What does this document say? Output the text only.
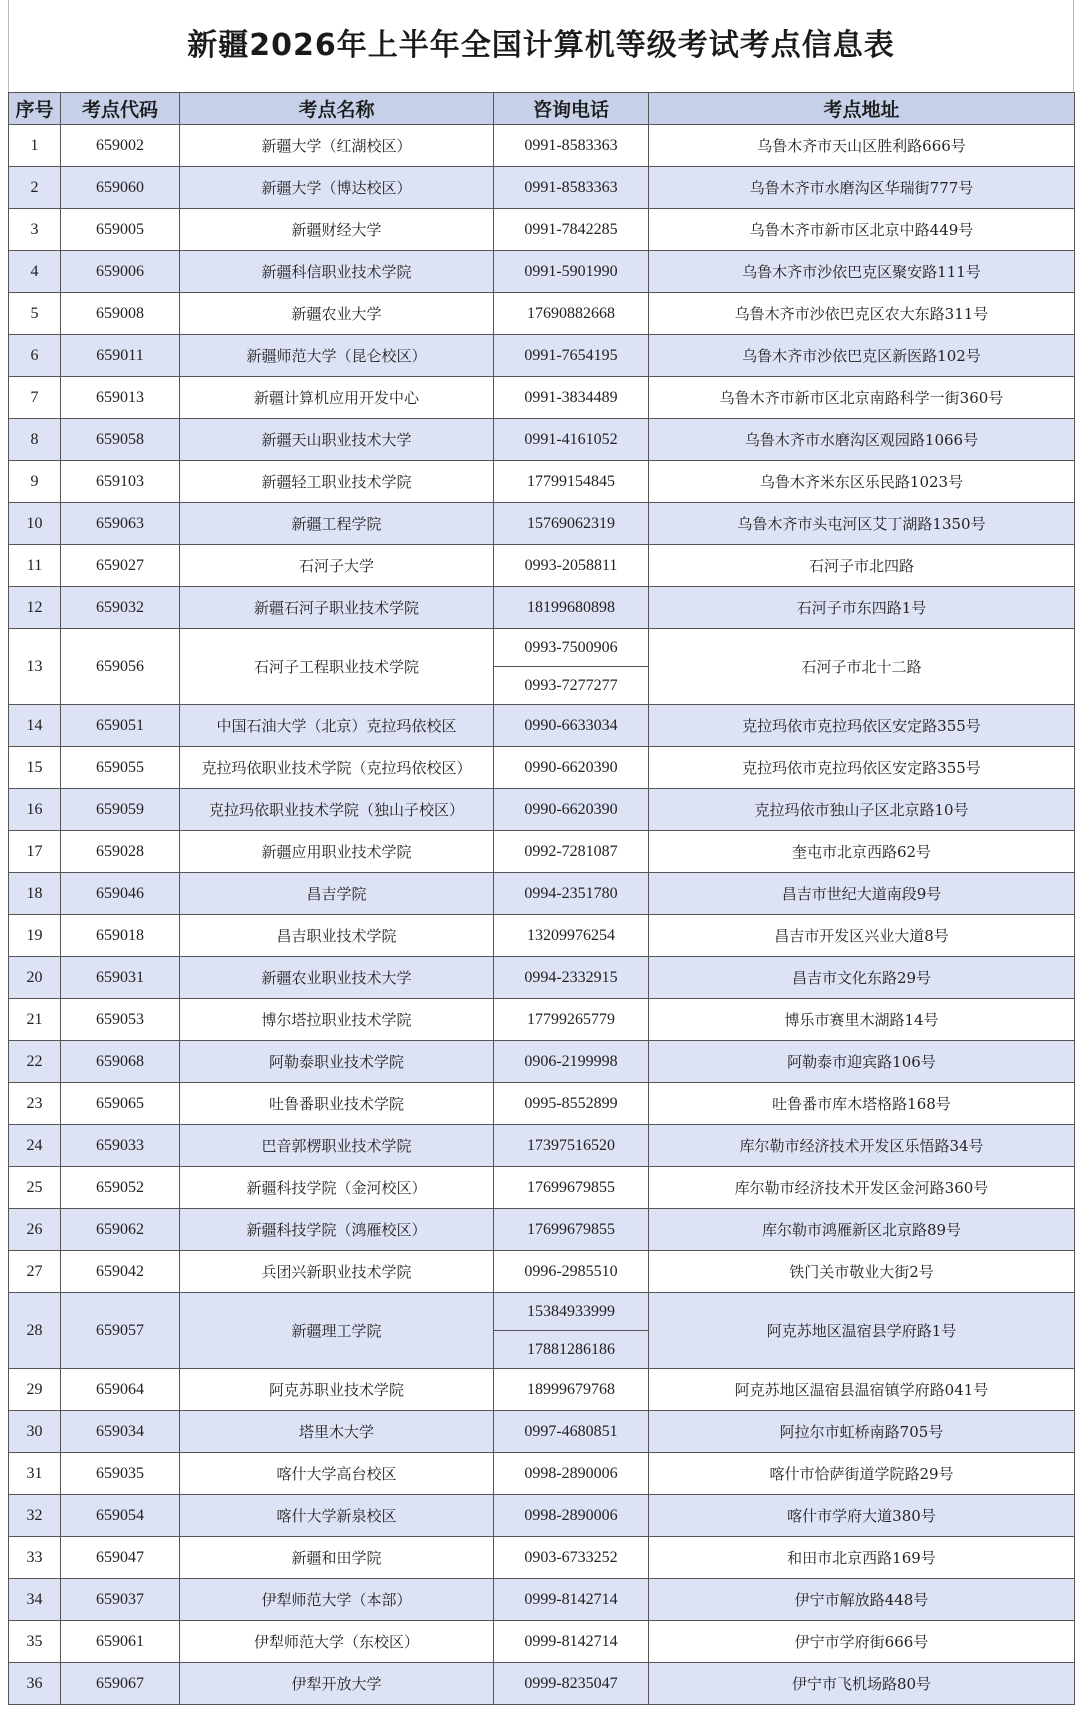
新疆2026年上半年全国计算机等级考试考点信息表
序号	考点代码	考点名称	咨询电话	考点地址
1	659002	新疆大学（红湖校区）	0991-8583363	乌鲁木齐市天山区胜利路666号
2	659060	新疆大学（博达校区）	0991-8583363	乌鲁木齐市水磨沟区华瑞街777号
3	659005	新疆财经大学	0991-7842285	乌鲁木齐市新市区北京中路449号
4	659006	新疆科信职业技术学院	0991-5901990	乌鲁木齐市沙依巴克区聚安路111号
5	659008	新疆农业大学	17690882668	乌鲁木齐市沙依巴克区农大东路311号
6	659011	新疆师范大学（昆仑校区）	0991-7654195	乌鲁木齐市沙依巴克区新医路102号
7	659013	新疆计算机应用开发中心	0991-3834489	乌鲁木齐市新市区北京南路科学一街360号
8	659058	新疆天山职业技术大学	0991-4161052	乌鲁木齐市水磨沟区观园路1066号
9	659103	新疆轻工职业技术学院	17799154845	乌鲁木齐米东区乐民路1023号
10	659063	新疆工程学院	15769062319	乌鲁木齐市头屯河区艾丁湖路1350号
11	659027	石河子大学	0993-2058811	石河子市北四路
12	659032	新疆石河子职业技术学院	18199680898	石河子市东四路1号
13	659056	石河子工程职业技术学院	0993-7500906	石河子市北十二路
			0993-7277277	
14	659051	中国石油大学（北京）克拉玛依校区	0990-6633034	克拉玛依市克拉玛依区安定路355号
15	659055	克拉玛依职业技术学院（克拉玛依校区）	0990-6620390	克拉玛依市克拉玛依区安定路355号
16	659059	克拉玛依职业技术学院（独山子校区）	0990-6620390	克拉玛依市独山子区北京路10号
17	659028	新疆应用职业技术学院	0992-7281087	奎屯市北京西路62号
18	659046	昌吉学院	0994-2351780	昌吉市世纪大道南段9号
19	659018	昌吉职业技术学院	13209976254	昌吉市开发区兴业大道8号
20	659031	新疆农业职业技术大学	0994-2332915	昌吉市文化东路29号
21	659053	博尔塔拉职业技术学院	17799265779	博乐市赛里木湖路14号
22	659068	阿勒泰职业技术学院	0906-2199998	阿勒泰市迎宾路106号
23	659065	吐鲁番职业技术学院	0995-8552899	吐鲁番市库木塔格路168号
24	659033	巴音郭楞职业技术学院	17397516520	库尔勒市经济技术开发区乐悟路34号
25	659052	新疆科技学院（金河校区）	17699679855	库尔勒市经济技术开发区金河路360号
26	659062	新疆科技学院（鸿雁校区）	17699679855	库尔勒市鸿雁新区北京路89号
27	659042	兵团兴新职业技术学院	0996-2985510	铁门关市敬业大街2号
28	659057	新疆理工学院	15384933999	阿克苏地区温宿县学府路1号
			17881286186	
29	659064	阿克苏职业技术学院	18999679768	阿克苏地区温宿县温宿镇学府路041号
30	659034	塔里木大学	0997-4680851	阿拉尔市虹桥南路705号
31	659035	喀什大学高台校区	0998-2890006	喀什市恰萨街道学院路29号
32	659054	喀什大学新泉校区	0998-2890006	喀什市学府大道380号
33	659047	新疆和田学院	0903-6733252	和田市北京西路169号
34	659037	伊犁师范大学（本部）	0999-8142714	伊宁市解放路448号
35	659061	伊犁师范大学（东校区）	0999-8142714	伊宁市学府街666号
36	659067	伊犁开放大学	0999-8235047	伊宁市飞机场路80号
